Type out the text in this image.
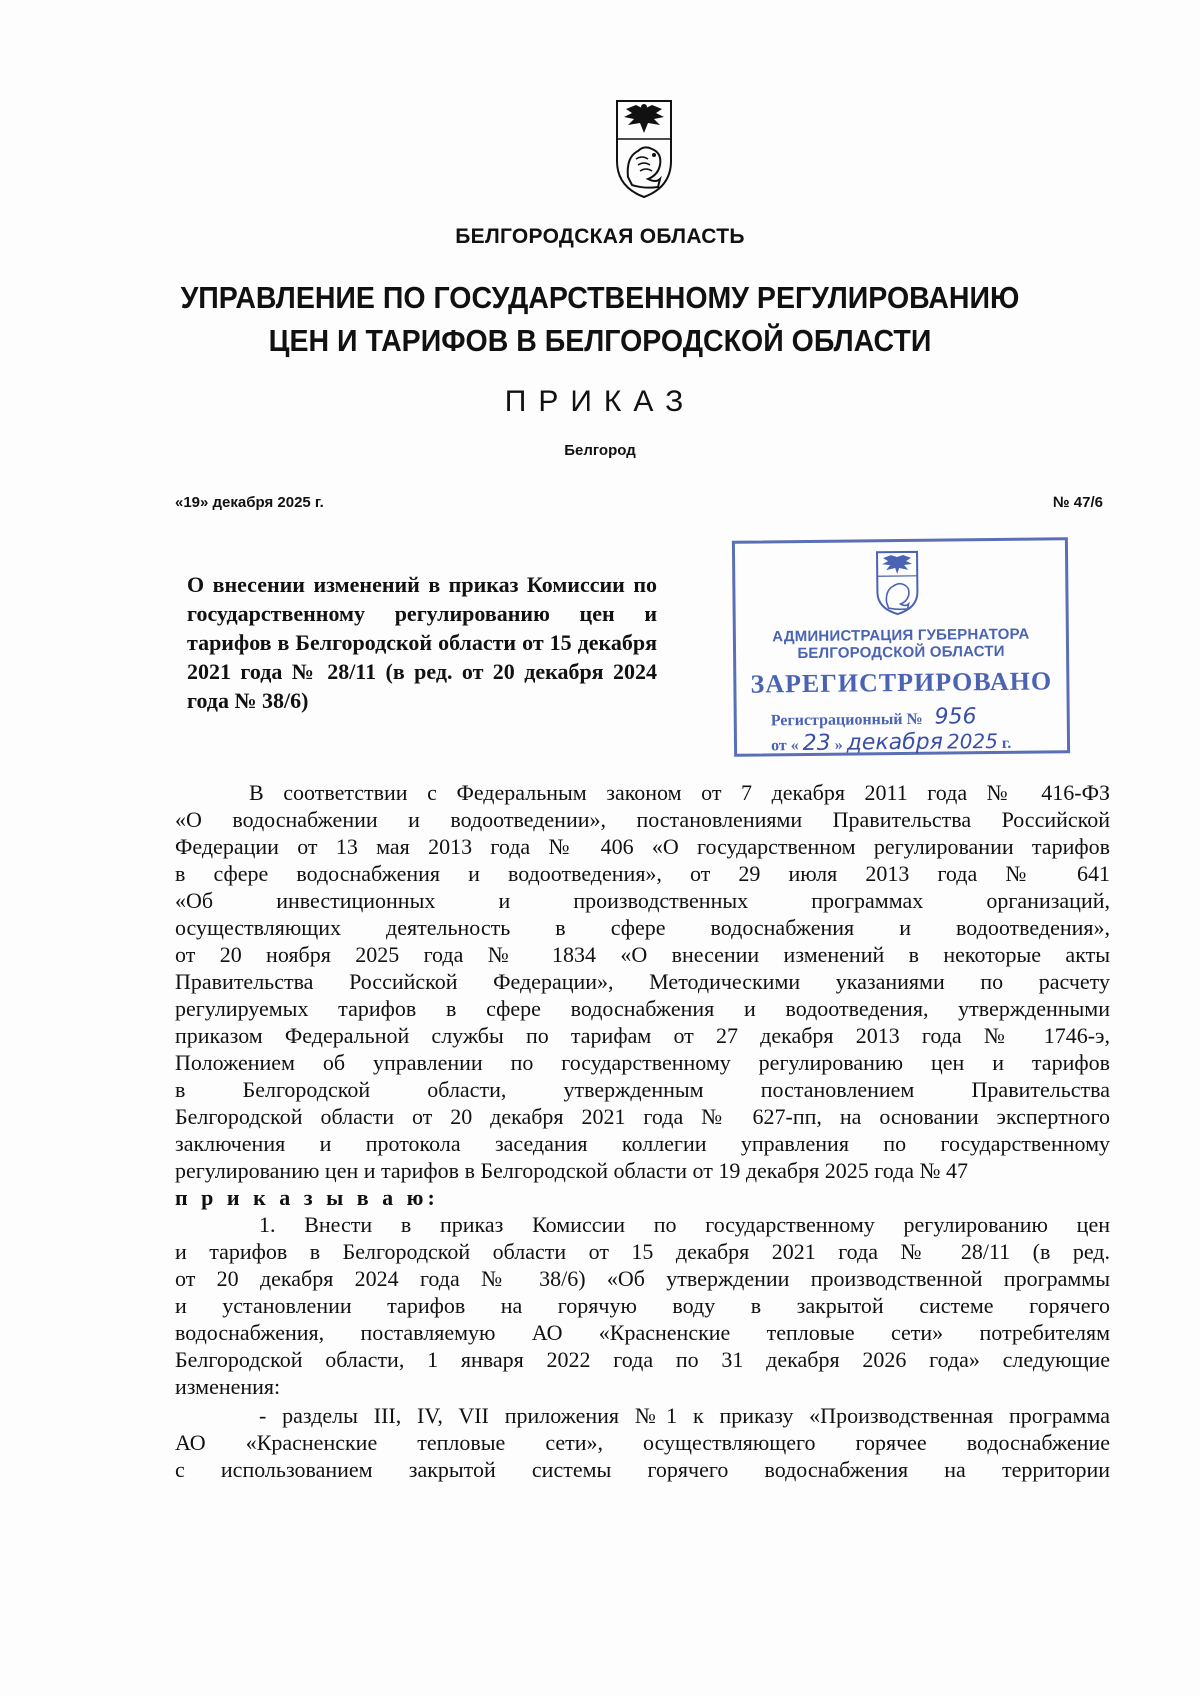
БЕЛГОРОДСКАЯ ОБЛАСТЬ
УПРАВЛЕНИЕ ПО ГОСУДАРСТВЕННОМУ РЕГУЛИРОВАНИЮ
ЦЕН И ТАРИФОВ В БЕЛГОРОДСКОЙ ОБЛАСТИ
ПРИКАЗ
Белгород
«19» декабря 2025 г.	№ 47/6
О внесении изменений в приказ Комиссии по государственному регулированию цен и тарифов в Белгородской области от 15 декабря 2021 года № 28/11 (в ред. от 20 декабря 2024 года № 38/6)
АДМИНИСТРАЦИЯ ГУБЕРНАТОРА
БЕЛГОРОДСКОЙ ОБЛАСТИ
ЗАРЕГИСТРИРОВАНО
Регистрационный № 956
от « 23 » декабря 2025 г.

В соответствии с Федеральным законом от 7 декабря 2011 года № 416-ФЗ

«О водоснабжении и водоотведении», постановлениями Правительства Российской

Федерации от 13 мая 2013 года № 406 «О государственном регулировании тарифов

в сфере водоснабжения и водоотведения», от 29 июля 2013 года № 641

«Об инвестиционных и производственных программах организаций,

осуществляющих деятельность в сфере водоснабжения и водоотведения»,

от 20 ноября 2025 года № 1834 «О внесении изменений в некоторые акты

Правительства Российской Федерации», Методическими указаниями по расчету

регулируемых тарифов в сфере водоснабжения и водоотведения, утвержденными

приказом Федеральной службы по тарифам от 27 декабря 2013 года № 1746-э,

Положением об управлении по государственному регулированию цен и тарифов

в Белгородской области, утвержденным постановлением Правительства

Белгородской области от 20 декабря 2021 года № 627-пп, на основании экспертного

заключения и протокола заседания коллегии управления по государственному

регулированию цен и тарифов в Белгородской области от 19 декабря 2025 года № 47

п р и к а з ы в а ю:

1. Внести в приказ Комиссии по государственному регулированию цен

и тарифов в Белгородской области от 15 декабря 2021 года № 28/11 (в ред.

от 20 декабря 2024 года № 38/6) «Об утверждении производственной программы

и установлении тарифов на горячую воду в закрытой системе горячего

водоснабжения, поставляемую АО «Красненские тепловые сети» потребителям

Белгородской области, 1 января 2022 года по 31 декабря 2026 года» следующие

изменения:

- разделы III, IV, VII приложения №1 к приказу «Производственная программа

АО «Красненские тепловые сети», осуществляющего горячее водоснабжение

с использованием закрытой системы горячего водоснабжения на территории
